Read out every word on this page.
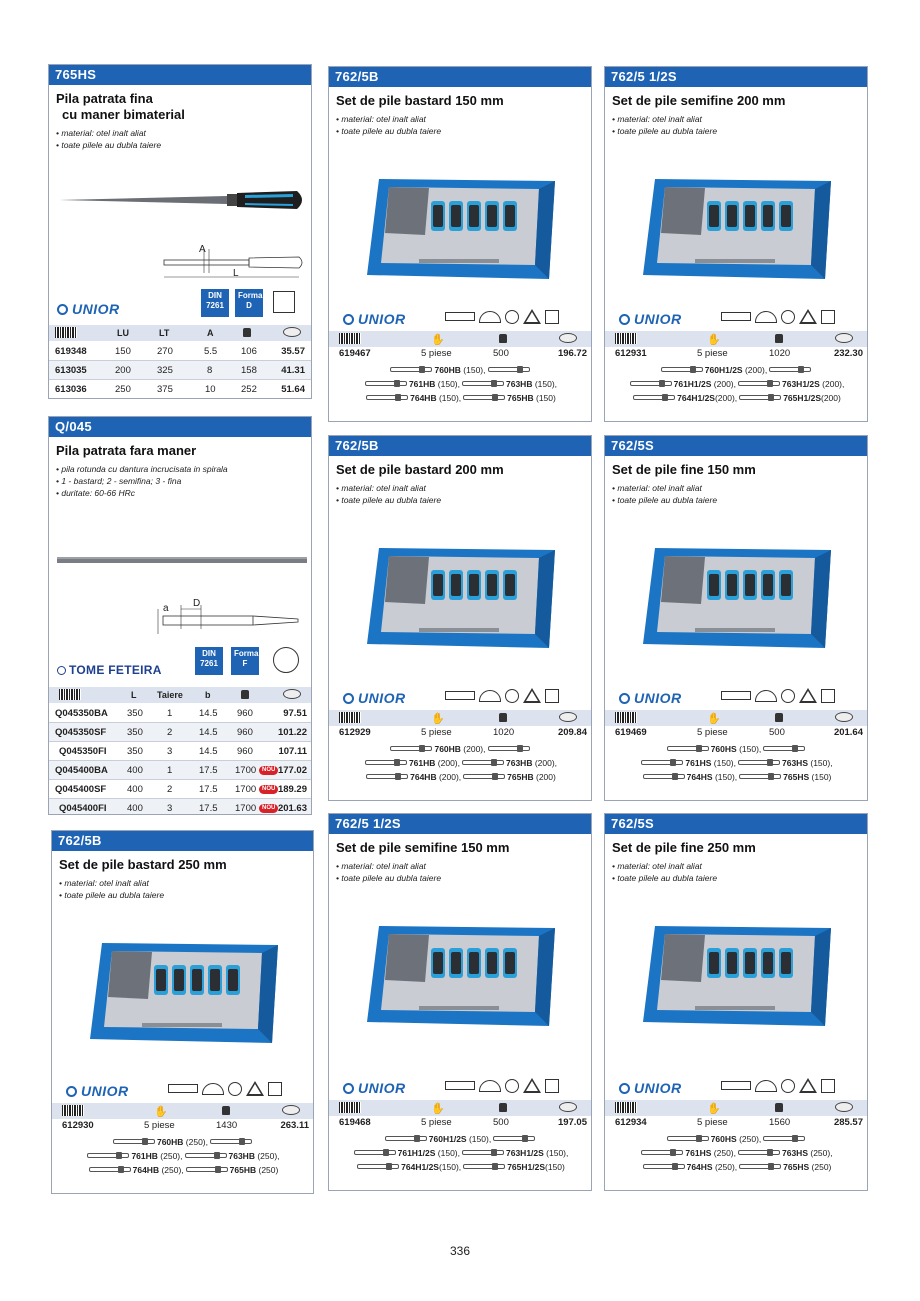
765HS
Pila patrata fina
cu maner bimaterial
• material: otel inalt aliat
• toate pilele au dubla taiere
A
L
UNIOR
DIN
7261
Forma
D
LU	LT	A
619348	150	270	5.5	106	35.57
613035	200	325	8	158	41.31
613036	250	375	10	252	51.64
Q/045
Pila patrata fara maner
• pila rotunda cu dantura incrucisata in spirala
• 1 - bastard; 2 - semifina; 3 - fina
• duritate: 60-66 HRc
a D
TOME FETEIRA
DIN
7261
Forma
F
L Taiere b
Q045350BA 350	1	14.5 960	97.51
Q045350SF 350	2	14.5 960	101.22
Q045350FI 350	3	14.5 960	107.11
Q045400BA 400	1	17.5 1700 NOU 177.02
Q045400SF 400	2	17.5 1700 NOU 189.29
Q045400FI 400	3	17.5 1700 NOU 201.63
762/5B
Set de pile bastard 150 mm
• material: otel inalt aliat
• toate pilele au dubla taiere
UNIOR
✋
619467	5 piese	500	196.72
760HB (150),
761HB (150),	763HB (150),
764HB (150),	765HB (150)
762/5 1/2S
Set de pile semifine 200 mm
• material: otel inalt aliat
• toate pilele au dubla taiere
UNIOR
✋
612931	5 piese	1020	232.30
760H1/2S (200),
761H1/2S (200),	763H1/2S (200),
764H1/2S(200),	765H1/2S(200)
762/5B
Set de pile bastard 200 mm
• material: otel inalt aliat
• toate pilele au dubla taiere
UNIOR
✋
612929	5 piese	1020	209.84
760HB (200),
761HB (200),	763HB (200),
764HB (200),	765HB (200)
762/5S
Set de pile fine 150 mm
• material: otel inalt aliat
• toate pilele au dubla taiere
UNIOR
✋
619469	5 piese	500	201.64
760HS (150),
761HS (150),	763HS (150),
764HS (150),	765HS (150)
762/5B
Set de pile bastard 250 mm
• material: otel inalt aliat
• toate pilele au dubla taiere
UNIOR
✋
612930	5 piese	1430	263.11
760HB (250),
761HB (250),	763HB (250),
764HB (250),	765HB (250)
762/5 1/2S
Set de pile semifine 150 mm
• material: otel inalt aliat
• toate pilele au dubla taiere
UNIOR
✋
619468	5 piese	500	197.05
760H1/2S (150),
761H1/2S (150),	763H1/2S (150),
764H1/2S(150),	765H1/2S(150)
762/5S
Set de pile fine 250 mm
• material: otel inalt aliat
• toate pilele au dubla taiere
UNIOR
✋
612934	5 piese	1560	285.57
760HS (250),
761HS (250),	763HS (250),
764HS (250),	765HS (250)
336
